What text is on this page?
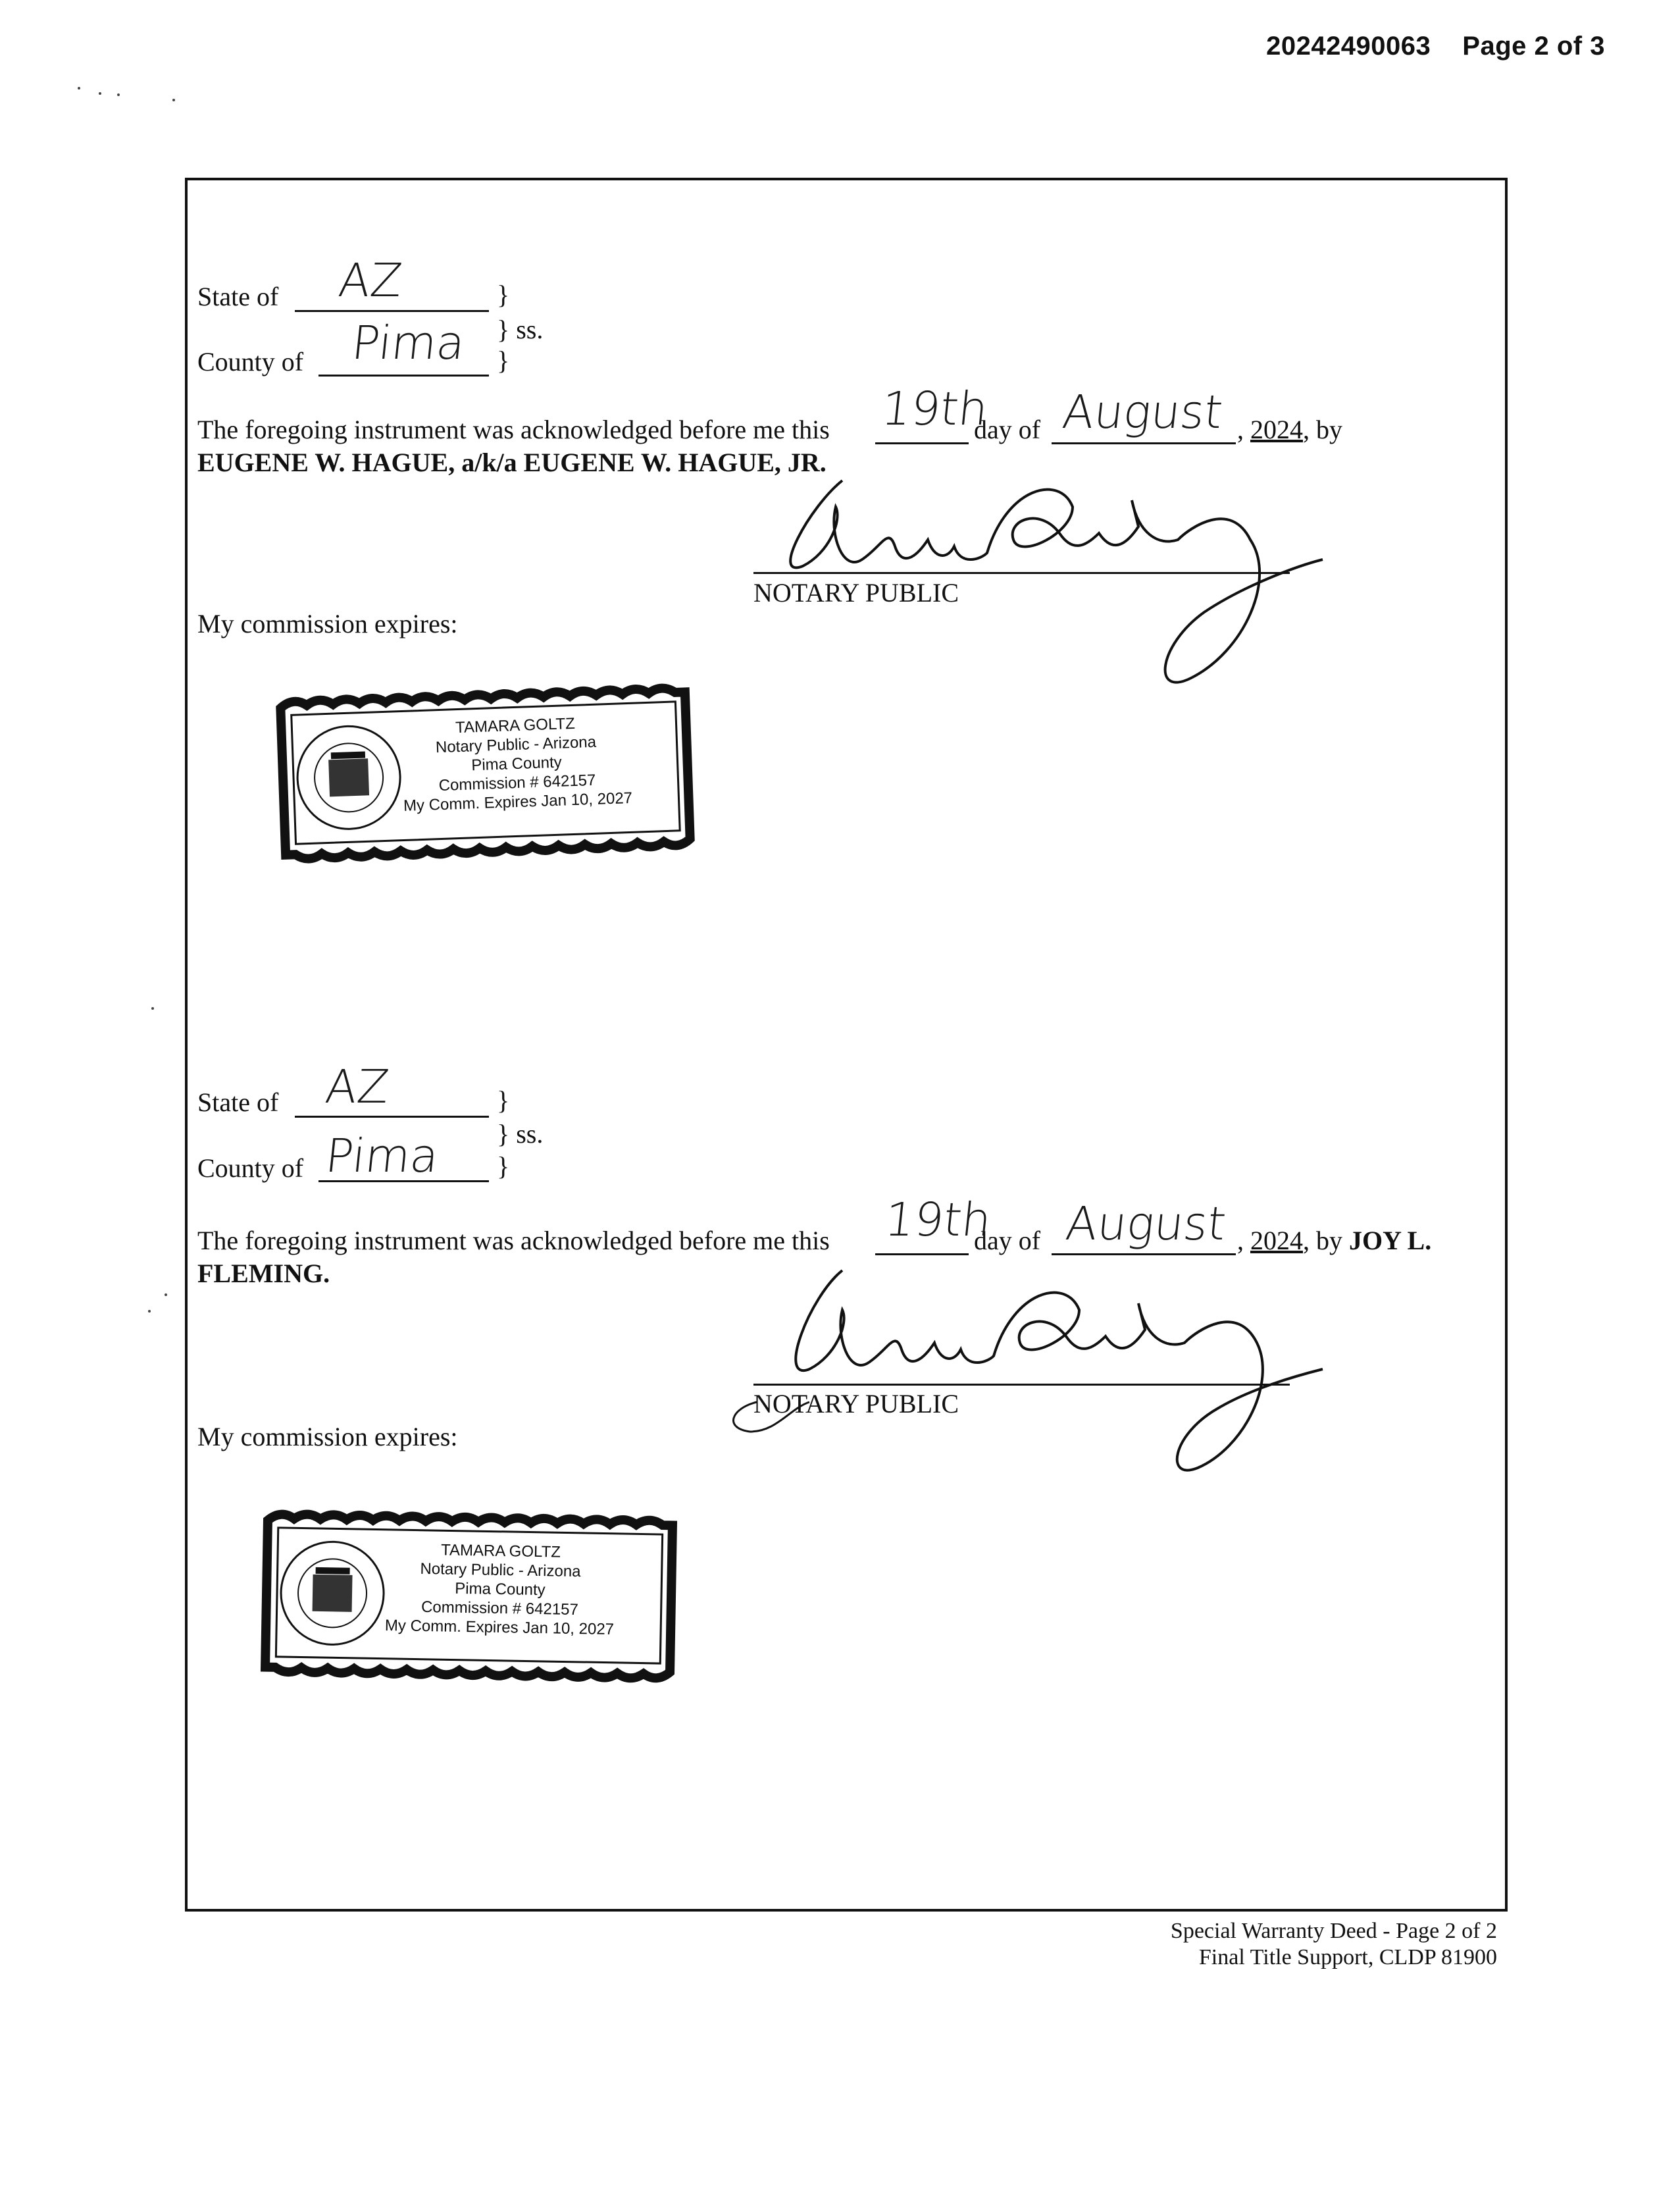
20242490063 Page 2 of 3
State of AZ	}
} ss.
}
County of Pima
The foregoing instrument was acknowledged before me this 19th
day of August , 2024, by
EUGENE W. HAGUE, a/k/a EUGENE W. HAGUE, JR.
NOTARY PUBLIC
My commission expires:
TAMARA GOLTZ
Notary Public - Arizona
Pima County
Commission # 642157
My Comm. Expires Jan 10, 2027
State of AZ	}
} ss.
}
County of Pima
The foregoing instrument was acknowledged before me this 19th
day of August , 2024, by JOY L.
FLEMING.
NOTARY PUBLIC
My commission expires:
TAMARA GOLTZ
Notary Public - Arizona
Pima County
Commission # 642157
My Comm. Expires Jan 10, 2027
Special Warranty Deed - Page 2 of 2
Final Title Support, CLDP 81900
